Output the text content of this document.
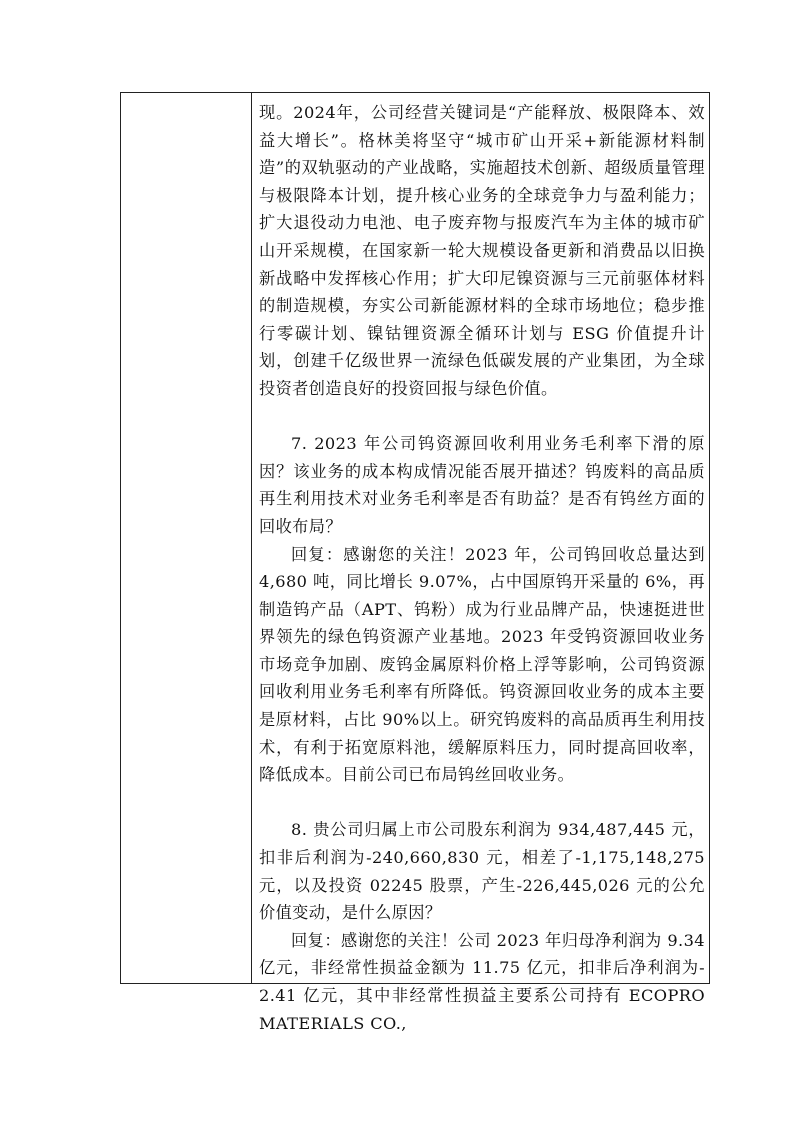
现。2024年，公司经营关键词是“产能释放、极限降本、效益大增长”。格林美将坚守“城市矿山开采+新能源材料制造”的双轨驱动的产业战略，实施超技术创新、超级质量管理与极限降本计划，提升核心业务的全球竞争力与盈利能力；扩大退役动力电池、电子废弃物与报废汽车为主体的城市矿山开采规模，在国家新一轮大规模设备更新和消费品以旧换新战略中发挥核心作用；扩大印尼镍资源与三元前驱体材料的制造规模，夯实公司新能源材料的全球市场地位；稳步推行零碳计划、镍钴锂资源全循环计划与 ESG 价值提升计划，创建千亿级世界一流绿色低碳发展的产业集团，为全球投资者创造良好的投资回报与绿色价值。

7. 2023 年公司钨资源回收利用业务毛利率下滑的原因？该业务的成本构成情况能否展开描述？钨废料的高品质再生利用技术对业务毛利率是否有助益？是否有钨丝方面的回收布局？

回复：感谢您的关注！2023 年，公司钨回收总量达到 4,680 吨，同比增长 9.07%，占中国原钨开采量的 6%，再制造钨产品（APT、钨粉）成为行业品牌产品，快速挺进世界领先的绿色钨资源产业基地。2023 年受钨资源回收业务市场竞争加剧、废钨金属原料价格上浮等影响，公司钨资源回收利用业务毛利率有所降低。钨资源回收业务的成本主要是原材料，占比 90%以上。研究钨废料的高品质再生利用技术，有利于拓宽原料池，缓解原料压力，同时提高回收率，降低成本。目前公司已布局钨丝回收业务。

8. 贵公司归属上市公司股东利润为 934,487,445 元，扣非后利润为-240,660,830 元，相差了-1,175,148,275 元，以及投资 02245 股票，产生-226,445,026 元的公允价值变动，是什么原因？

回复：感谢您的关注！公司 2023 年归母净利润为 9.34 亿元，非经常性损益金额为 11.75 亿元，扣非后净利润为-2.41 亿元，其中非经常性损益主要系公司持有 ECOPRO MATERIALS CO.,
